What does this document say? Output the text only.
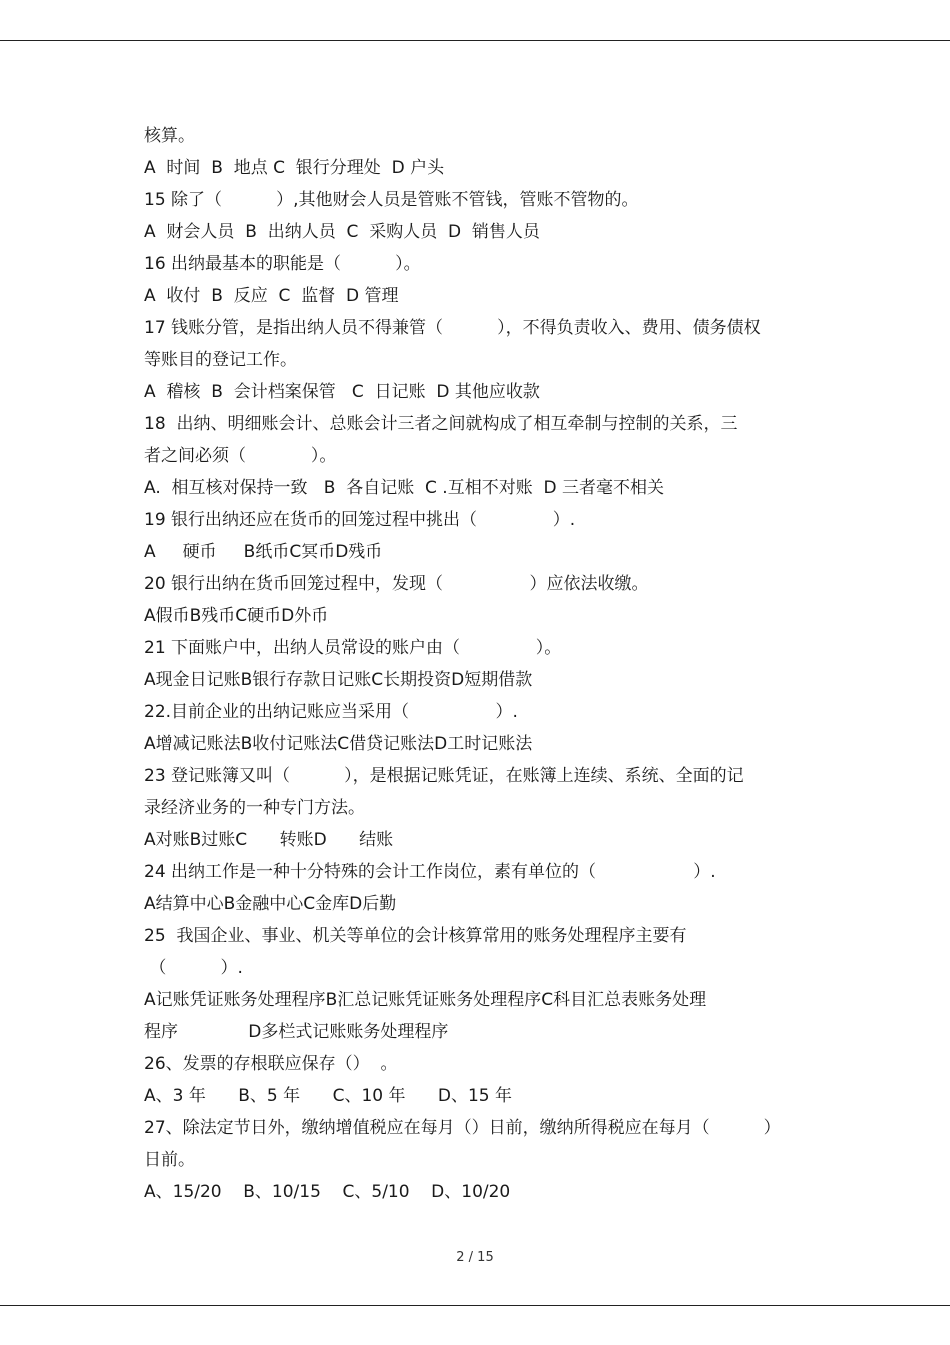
核算。
A  时间  B  地点 C  银行分理处  D 户头
15 除了（          ）,其他财会人员是管账不管钱，管账不管物的。
A  财会人员  B  出纳人员  C  采购人员  D  销售人员
16 出纳最基本的职能是（          ）。
A  收付  B  反应  C  监督  D 管理
17 钱账分管，是指出纳人员不得兼管（          ），不得负责收入、费用、债务债权
等账目的登记工作。
A  稽核  B  会计档案保管   C  日记账  D 其他应收款
18  出纳、明细账会计、总账会计三者之间就构成了相互牵制与控制的关系，三
者之间必须（            ）。
A.  相互核对保持一致   B  各自记账  C .互相不对账  D 三者毫不相关
19 银行出纳还应在货币的回笼过程中挑出（              ）.
A     硬币     B纸币C冥币D残币
20 银行出纳在货币回笼过程中，发现（                ）应依法收缴。
A假币B残币C硬币D外币
21 下面账户中，出纳人员常设的账户由（              ）。
A现金日记账B银行存款日记账C长期投资D短期借款
22.目前企业的出纳记账应当采用（                ）.
A增减记账法B收付记账法C借贷记账法D工时记账法
23 登记账簿又叫（          ），是根据记账凭证，在账簿上连续、系统、全面的记
录经济业务的一种专门方法。
A对账B过账C      转账D      结账
24 出纳工作是一种十分特殊的会计工作岗位，素有单位的（                  ）.
A结算中心B金融中心C金库D后勤
25  我国企业、事业、机关等单位的会计核算常用的账务处理程序主要有
（          ）.
A记账凭证账务处理程序B汇总记账凭证账务处理程序C科目汇总表账务处理
程序             D多栏式记账账务处理程序
26、发票的存根联应保存（）  。
A、3 年      B、5 年      C、10 年      D、15 年
27、除法定节日外，缴纳增值税应在每月（）日前，缴纳所得税应在每月（          ）
日前。
A、15/20    B、10/15    C、5/10    D、10/20
2 / 15
